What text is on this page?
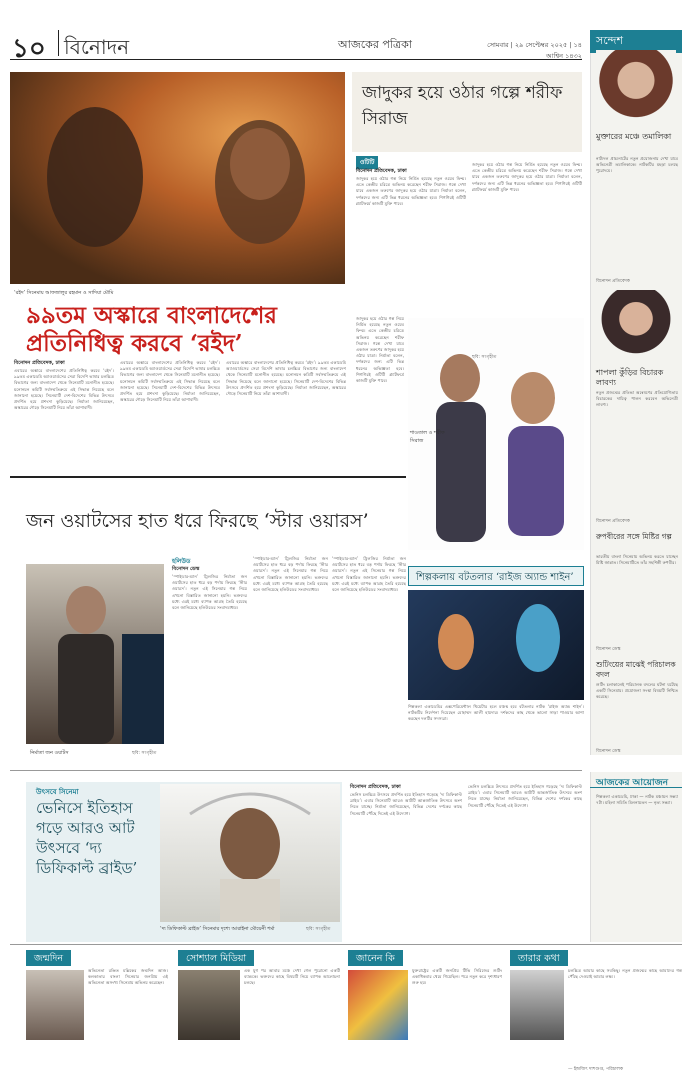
১০ বিনোদন	আজকের পত্রিকা	সোমবার | ২৯ সেপ্টেম্বর ২০২৫ | ১৪ আশ্বিন ১৪৩২
‘রইদ’ সিনেমায় আফজালুর রহমান ও সাদিয়া মৌমি
৯৯তম অস্কারে বাংলাদেশের প্রতিনিধিত্ব করবে ‘রইদ’
বিনোদন প্রতিবেদক, ঢাকা
এবারের অস্কারে বাংলাদেশের প্রতিনিধিত্ব করবে ‘রইদ’। ৯৯তম একাডেমি অ্যাওয়ার্ডসের সেরা বিদেশি ভাষার চলচ্চিত্র বিভাগের জন্য বাংলাদেশ থেকে সিনেমাটি মনোনীত হয়েছে। মনোনয়ন কমিটি সর্বসম্মতিক্রমে এই সিদ্ধান্ত নিয়েছে বলে জানানো হয়েছে। সিনেমাটি দেশ-বিদেশের বিভিন্ন উৎসবে প্রদর্শিত হয়ে প্রশংসা কুড়িয়েছে। নির্মাতা জানিয়েছেন, অস্কারের দৌড়ে সিনেমাটি নিয়ে তাঁরা আশাবাদী।
এবারের অস্কারে বাংলাদেশের প্রতিনিধিত্ব করবে ‘রইদ’। ৯৯তম একাডেমি অ্যাওয়ার্ডসের সেরা বিদেশি ভাষার চলচ্চিত্র বিভাগের জন্য বাংলাদেশ থেকে সিনেমাটি মনোনীত হয়েছে। মনোনয়ন কমিটি সর্বসম্মতিক্রমে এই সিদ্ধান্ত নিয়েছে বলে জানানো হয়েছে। সিনেমাটি দেশ-বিদেশের বিভিন্ন উৎসবে প্রদর্শিত হয়ে প্রশংসা কুড়িয়েছে। নির্মাতা জানিয়েছেন, অস্কারের দৌড়ে সিনেমাটি নিয়ে তাঁরা আশাবাদী।
এবারের অস্কারে বাংলাদেশের প্রতিনিধিত্ব করবে ‘রইদ’। ৯৯তম একাডেমি অ্যাওয়ার্ডসের সেরা বিদেশি ভাষার চলচ্চিত্র বিভাগের জন্য বাংলাদেশ থেকে সিনেমাটি মনোনীত হয়েছে। মনোনয়ন কমিটি সর্বসম্মতিক্রমে এই সিদ্ধান্ত নিয়েছে বলে জানানো হয়েছে। সিনেমাটি দেশ-বিদেশের বিভিন্ন উৎসবে প্রদর্শিত হয়ে প্রশংসা কুড়িয়েছে। নির্মাতা জানিয়েছেন, অস্কারের দৌড়ে সিনেমাটি নিয়ে তাঁরা আশাবাদী।
জাদুকর হয়ে ওঠার গল্পে শরীফ সিরাজ
ওটিটি
বিনোদন প্রতিবেদক, ঢাকা
জাদুকর হয়ে ওঠার গল্প নিয়ে নির্মিত হয়েছে নতুন ওয়েব ফিল্ম। এতে কেন্দ্রীয় চরিত্রে অভিনয় করেছেন শরীফ সিরাজ। গল্পে দেখা যাবে একজন তরুণের জাদুকর হয়ে ওঠার যাত্রা। নির্মাতা বলেন, দর্শকদের জন্য এটি ভিন্ন ধরনের অভিজ্ঞতা হবে। শিগগিরই ওটিটি প্ল্যাটফর্মে কাজটি মুক্তি পাবে।
জাদুকর হয়ে ওঠার গল্প নিয়ে নির্মিত হয়েছে নতুন ওয়েব ফিল্ম। এতে কেন্দ্রীয় চরিত্রে অভিনয় করেছেন শরীফ সিরাজ। গল্পে দেখা যাবে একজন তরুণের জাদুকর হয়ে ওঠার যাত্রা। নির্মাতা বলেন, দর্শকদের জন্য এটি ভিন্ন ধরনের অভিজ্ঞতা হবে। শিগগিরই ওটিটি প্ল্যাটফর্মে কাজটি মুক্তি পাবে।
জাদুকর হয়ে ওঠার গল্প নিয়ে নির্মিত হয়েছে নতুন ওয়েব ফিল্ম। এতে কেন্দ্রীয় চরিত্রে অভিনয় করেছেন শরীফ সিরাজ। গল্পে দেখা যাবে একজন তরুণের জাদুকর হয়ে ওঠার যাত্রা। নির্মাতা বলেন, দর্শকদের জন্য এটি ভিন্ন ধরনের অভিজ্ঞতা হবে। শিগগিরই ওটিটি প্ল্যাটফর্মে কাজটি মুক্তি পাবে।
শাওতাল ও শরীফ সিরাজ
ছবি: সংগৃহীত
জন ওয়াটসের হাত ধরে ফিরছে ‘স্টার ওয়ারস’
নির্মাতা জন ওয়াটস	ছবি: সংগৃহীত
হলিউড
বিনোদন ডেস্ক
‘স্পাইডার-ম্যান’ ট্রিলজির নির্মাতা জন ওয়াটসের হাত ধরে বড় পর্দায় ফিরছে ‘স্টার ওয়ারস’। নতুন এই সিনেমার গল্প নিয়ে এখনো বিস্তারিত জানানো হয়নি। ভক্তদের মধ্যে এরই মধ্যে ব্যাপক আগ্রহ তৈরি হয়েছে বলে জানিয়েছে হলিউডের সংবাদমাধ্যম।
‘স্পাইডার-ম্যান’ ট্রিলজির নির্মাতা জন ওয়াটসের হাত ধরে বড় পর্দায় ফিরছে ‘স্টার ওয়ারস’। নতুন এই সিনেমার গল্প নিয়ে এখনো বিস্তারিত জানানো হয়নি। ভক্তদের মধ্যে এরই মধ্যে ব্যাপক আগ্রহ তৈরি হয়েছে বলে জানিয়েছে হলিউডের সংবাদমাধ্যম।
‘স্পাইডার-ম্যান’ ট্রিলজির নির্মাতা জন ওয়াটসের হাত ধরে বড় পর্দায় ফিরছে ‘স্টার ওয়ারস’। নতুন এই সিনেমার গল্প নিয়ে এখনো বিস্তারিত জানানো হয়নি। ভক্তদের মধ্যে এরই মধ্যে ব্যাপক আগ্রহ তৈরি হয়েছে বলে জানিয়েছে হলিউডের সংবাদমাধ্যম।
শিল্পকলায় বটতলার ‘রাইজ অ্যান্ড শাইন’
শিল্পকলা একাডেমির এক্সপেরিমেন্টাল থিয়েটার হলে মঞ্চস্থ হবে বটতলার নাটক ‘রাইজ অ্যান্ড শাইন’। নাটকটির নির্দেশনা দিয়েছেন মোহাম্মদ আলী হায়দার। দর্শকদের কাছ থেকে ভালো সাড়া পাওয়ার আশা করছেন দলটির সদস্যরা।
উৎসবে সিনেমা
ভেনিসে ইতিহাস গড়ে আরও আট উৎসবে ‘দ্য ডিফিকাল্ট ব্রাইড’
‘দ্য ডিফিকাল্ট ব্রাইড’ সিনেমার দৃশ্যে আরাইনা মৌয়েনী শর্মা	ছবি: সংগৃহীত
বিনোদন প্রতিবেদক, ঢাকা
ভেনিস চলচ্চিত্র উৎসবে প্রদর্শিত হয়ে ইতিহাস গড়েছে ‘দ্য ডিফিকাল্ট ব্রাইড’। এবার সিনেমাটি আরও আটটি আন্তর্জাতিক উৎসবে অংশ নিতে যাচ্ছে। নির্মাতা জানিয়েছেন, বিভিন্ন দেশের দর্শকের কাছে সিনেমাটি পৌঁছে দিতেই এই উদ্যোগ।
ভেনিস চলচ্চিত্র উৎসবে প্রদর্শিত হয়ে ইতিহাস গড়েছে ‘দ্য ডিফিকাল্ট ব্রাইড’। এবার সিনেমাটি আরও আটটি আন্তর্জাতিক উৎসবে অংশ নিতে যাচ্ছে। নির্মাতা জানিয়েছেন, বিভিন্ন দেশের দর্শকের কাছে সিনেমাটি পৌঁছে দিতেই এই উদ্যোগ।
সন্দেশ
মুক্তারের মঞ্চে তমালিকা
নাট্যদল প্রাচ্যনাটের নতুন প্রযোজনায় দেখা যাবে অভিনেত্রী তমালিকাকে। নাটকটির মহড়া চলছে পুরোদমে।
বিনোদন প্রতিবেদক
শাপলা কুঁড়ির বিচারক লাবণ্য
নতুন প্রজন্মের প্রতিভা অন্বেষণের প্রতিযোগিতায় বিচারকের দায়িত্ব পালন করবেন অভিনেত্রী লাবণ্য।
বিনোদন প্রতিবেদক
রুপবীরের সঙ্গে মিষ্টির গল্প
ভারতীয় বাংলা সিনেমায় অভিনয় করতে যাচ্ছেন মিষ্টি জান্নাত। সিনেমাটিতে তাঁর সহশিল্পী রুপবীর।
বিনোদন ডেস্ক
শুটিংয়ের মাঝেই পরিচালক বদল
শুটিং চলাকালেই পরিচালক বদলের ঘটনা ঘটেছে একটি সিনেমায়। প্রযোজনা সংস্থা বিষয়টি নিশ্চিত করেছে।
বিনোদন ডেস্ক
আজকের আয়োজন
শিল্পকলা একাডেমি, ঢাকা — নাটক মঞ্চায়ন সন্ধ্যা ৭টা। মহিলা সমিতি মিলনায়তন — নৃত্য সন্ধ্যা।
জন্মদিন
অভিনেতা রঞ্জিত মল্লিকের জন্মদিন আজ। কলকাতার বাংলা সিনেমার জনপ্রিয় এই অভিনেতা অসংখ্য সিনেমায় অভিনয় করেছেন।
সোশ্যাল মিডিয়া
এক যুগ পর আবার মঞ্চে দেখা গেল পুরোনো একটি ব্যান্ডকে। ভক্তদের কাছে বিষয়টি নিয়ে ব্যাপক আলোচনা চলছে।
জানেন কি
যুক্তরাষ্ট্রের একটি জনপ্রিয় টিভি সিরিজের শুটিং একাধিকবার থেমে গিয়েছিল। পরে নতুন করে দৃশ্যধারণ শুরু হয়।
তারার কথা
চলচ্চিত্র আমার কাছে সবকিছু। নতুন প্রজন্মের কাছে আমাদের গল্প পৌঁছে দেওয়াই আমার লক্ষ্য।
— ইন্দ্রজিৎ দাশগুপ্ত, পরিচালক
